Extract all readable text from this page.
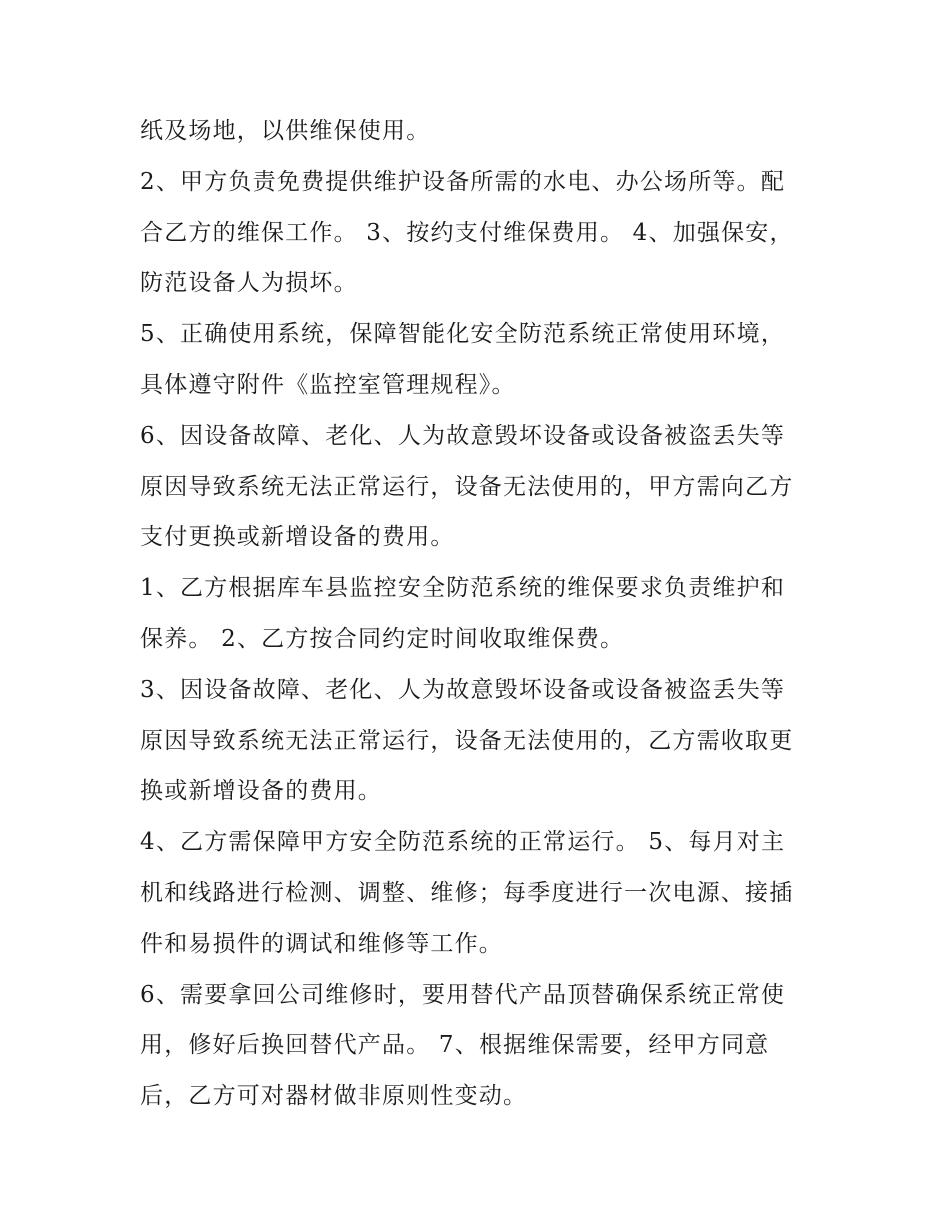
纸及场地，以供维保使用。
2、甲方负责免费提供维护设备所需的水电、办公场所等。配
合乙方的维保工作。 3、按约支付维保费用。 4、加强保安，
防范设备人为损坏。
5、正确使用系统，保障智能化安全防范系统正常使用环境，
具体遵守附件《监控室管理规程》。
6、因设备故障、老化、人为故意毁坏设备或设备被盗丢失等
原因导致系统无法正常运行，设备无法使用的，甲方需向乙方
支付更换或新增设备的费用。
1、乙方根据库车县监控安全防范系统的维保要求负责维护和
保养。 2、乙方按合同约定时间收取维保费。
3、因设备故障、老化、人为故意毁坏设备或设备被盗丢失等
原因导致系统无法正常运行，设备无法使用的，乙方需收取更
换或新增设备的费用。
4、乙方需保障甲方安全防范系统的正常运行。 5、每月对主
机和线路进行检测、调整、维修；每季度进行一次电源、接插
件和易损件的调试和维修等工作。
6、需要拿回公司维修时，要用替代产品顶替确保系统正常使
用，修好后换回替代产品。 7、根据维保需要，经甲方同意
后，乙方可对器材做非原则性变动。
